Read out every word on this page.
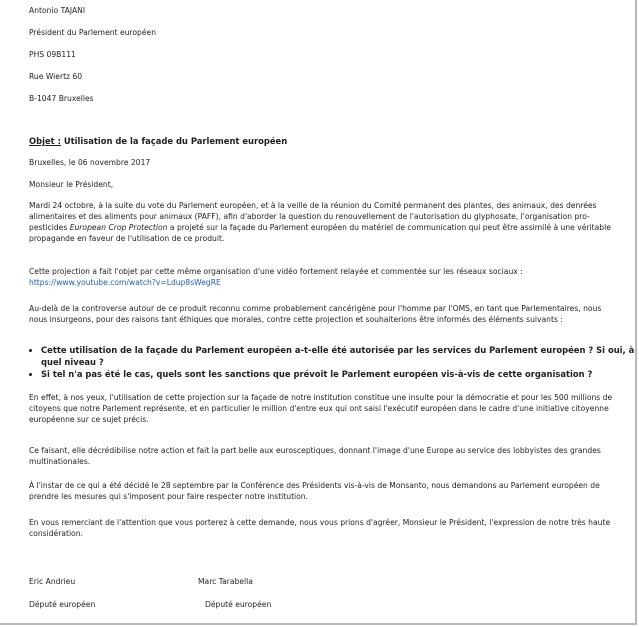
Antonio TAJANI
Président du Parlement européen
PHS 09B111
Rue Wiertz 60
B-1047 Bruxelles
Objet : Utilisation de la façade du Parlement européen
Bruxelles, le 06 novembre 2017
Monsieur le Président,
Mardi 24 octobre, à la suite du vote du Parlement européen, et à la veille de la réunion du Comité permanent des plantes, des animaux, des denrées alimentaires et des aliments pour animaux (PAFF), afin d'aborder la question du renouvellement de l'autorisation du glyphosate, l'organisation pro-pesticides European Crop Protection a projeté sur la façade du Parlement européen du matériel de communication qui peut être assimilé à une véritable propagande en faveur de l'utilisation de ce produit.
Cette projection a fait l'objet par cette même organisation d'une vidéo fortement relayée et commentée sur les réseaux sociaux :
https://www.youtube.com/watch?v=Ldup8sWegRE
Au-delà de la controverse autour de ce produit reconnu comme probablement cancérigène pour l'homme par l'OMS, en tant que Parlementaires, nous nous insurgeons, pour des raisons tant éthiques que morales, contre cette projection et souhaiterions être informés des éléments suivants :
• Cette utilisation de la façade du Parlement européen a-t-elle été autorisée par les services du Parlement européen ? Si oui, à quel niveau ?
• Si tel n'a pas été le cas, quels sont les sanctions que prévoit le Parlement européen vis-à-vis de cette organisation ?
En effet, à nos yeux, l'utilisation de cette projection sur la façade de notre institution constitue une insulte pour la démocratie et pour les 500 millions de citoyens que notre Parlement représente, et en particulier le million d'entre eux qui ont saisi l'exécutif européen dans le cadre d'une initiative citoyenne européenne sur ce sujet précis.
Ce faisant, elle décrédibilise notre action et fait la part belle aux eurosceptiques, donnant l'image d'une Europe au service des lobbyistes des grandes multinationales.
À l'instar de ce qui a été décidé le 28 septembre par la Conférence des Présidents vis-à-vis de Monsanto, nous demandons au Parlement européen de prendre les mesures qui s'imposent pour faire respecter notre institution.
En vous remerciant de l'attention que vous porterez à cette demande, nous vous prions d'agréer, Monsieur le Président, l'expression de notre très haute considération.
Eric Andrieu
Député européen
Marc Tarabella
Député européen
